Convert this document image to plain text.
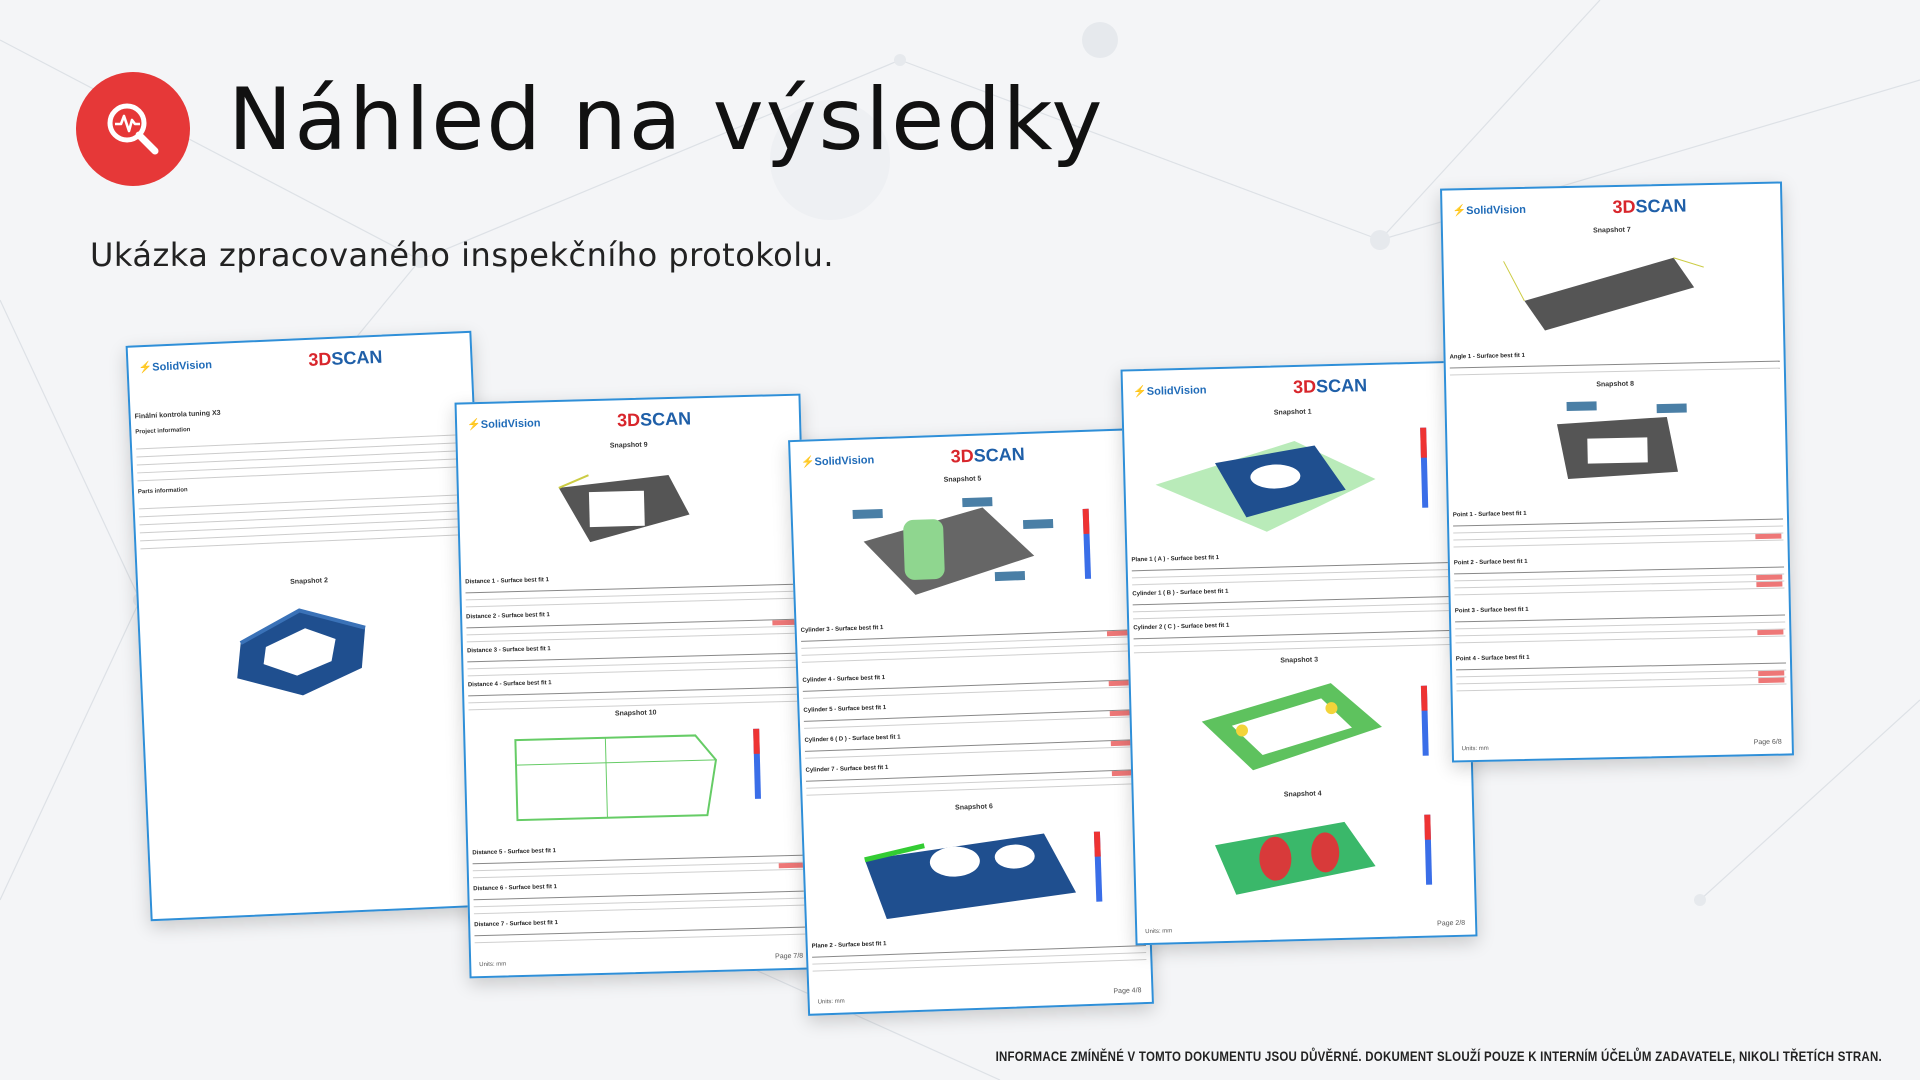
Náhled na výsledky
Ukázka zpracovaného inspekčního protokolu.
⚡SolidVision	3DSCAN
Finální kontrola tuning X3
Project information
Parts information
Snapshot 2
⚡SolidVision	3DSCAN
Snapshot 9
Distance 1 - Surface best fit 1
Distance 2 - Surface best fit 1
Distance 3 - Surface best fit 1
Distance 4 - Surface best fit 1
Snapshot 10
Distance 5 - Surface best fit 1
Distance 6 - Surface best fit 1
Distance 7 - Surface best fit 1
Units: mm
Page 7/8
⚡SolidVision	3DSCAN
Snapshot 5
Cylinder 3 - Surface best fit 1
Cylinder 4 - Surface best fit 1
Cylinder 5 - Surface best fit 1
Cylinder 6 ( D ) - Surface best fit 1
Cylinder 7 - Surface best fit 1
Snapshot 6
Plane 2 - Surface best fit 1
Units: mm
Page 4/8
⚡SolidVision	3DSCAN
Snapshot 1
Plane 1 ( A ) - Surface best fit 1
Cylinder 1 ( B ) - Surface best fit 1
Cylinder 2 ( C ) - Surface best fit 1
Snapshot 3
Snapshot 4
Units: mm
Page 2/8
⚡SolidVision	3DSCAN
Snapshot 7
Angle 1 - Surface best fit 1
Snapshot 8
Point 1 - Surface best fit 1
Point 2 - Surface best fit 1
Point 3 - Surface best fit 1
Point 4 - Surface best fit 1
Units: mm
Page 6/8
INFORMACE ZMÍNĚNÉ V TOMTO DOKUMENTU JSOU DŮVĚRNÉ. DOKUMENT SLOUŽÍ POUZE K INTERNÍM ÚČELŮM ZADAVATELE, NIKOLI TŘETÍCH STRAN.
